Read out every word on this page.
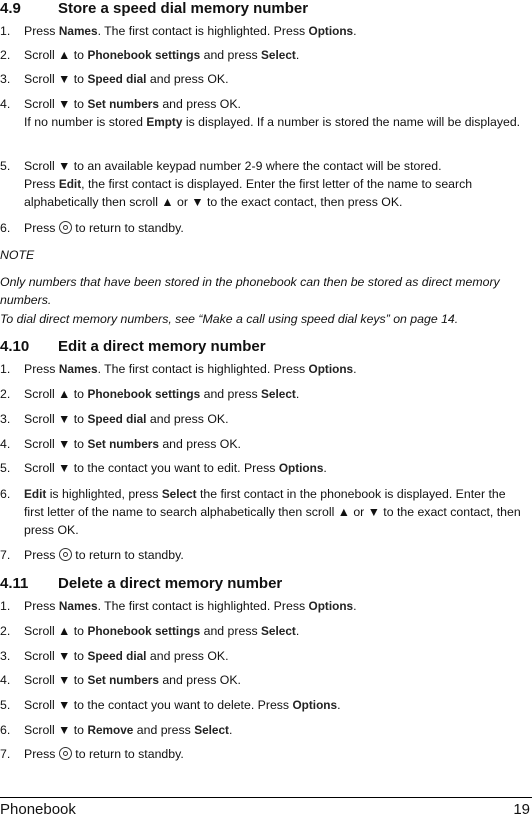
4.9 Store a speed dial memory number
1. Press Names. The first contact is highlighted. Press Options.
2. Scroll ▲ to Phonebook settings and press Select.
3. Scroll ▼ to Speed dial and press OK.
4. Scroll ▼ to Set numbers and press OK.
If no number is stored Empty is displayed. If a number is stored the name will be displayed.
5. Scroll ▼ to an available keypad number 2-9 where the contact will be stored.
Press Edit, the first contact is displayed. Enter the first letter of the name to search alphabetically then scroll ▲ or ▼ to the exact contact, then press OK.
6. Press  to return to standby.
NOTE
Only numbers that have been stored in the phonebook can then be stored as direct memory numbers.
To dial direct memory numbers, see “Make a call using speed dial keys” on page 14.
4.10 Edit a direct memory number
1. Press Names. The first contact is highlighted. Press Options.
2. Scroll ▲ to Phonebook settings and press Select.
3. Scroll ▼ to Speed dial and press OK.
4. Scroll ▼ to Set numbers and press OK.
5. Scroll ▼ to the contact you want to edit. Press Options.
6. Edit is highlighted, press Select the first contact in the phonebook is displayed. Enter the first letter of the name to search alphabetically then scroll ▲ or ▼ to the exact contact, then press OK.
7. Press  to return to standby.
4.11 Delete a direct memory number
1. Press Names. The first contact is highlighted. Press Options.
2. Scroll ▲ to Phonebook settings and press Select.
3. Scroll ▼ to Speed dial and press OK.
4. Scroll ▼ to Set numbers and press OK.
5. Scroll ▼ to the contact you want to delete. Press Options.
6. Scroll ▼ to Remove and press Select.
7. Press  to return to standby.
Phonebook	19
